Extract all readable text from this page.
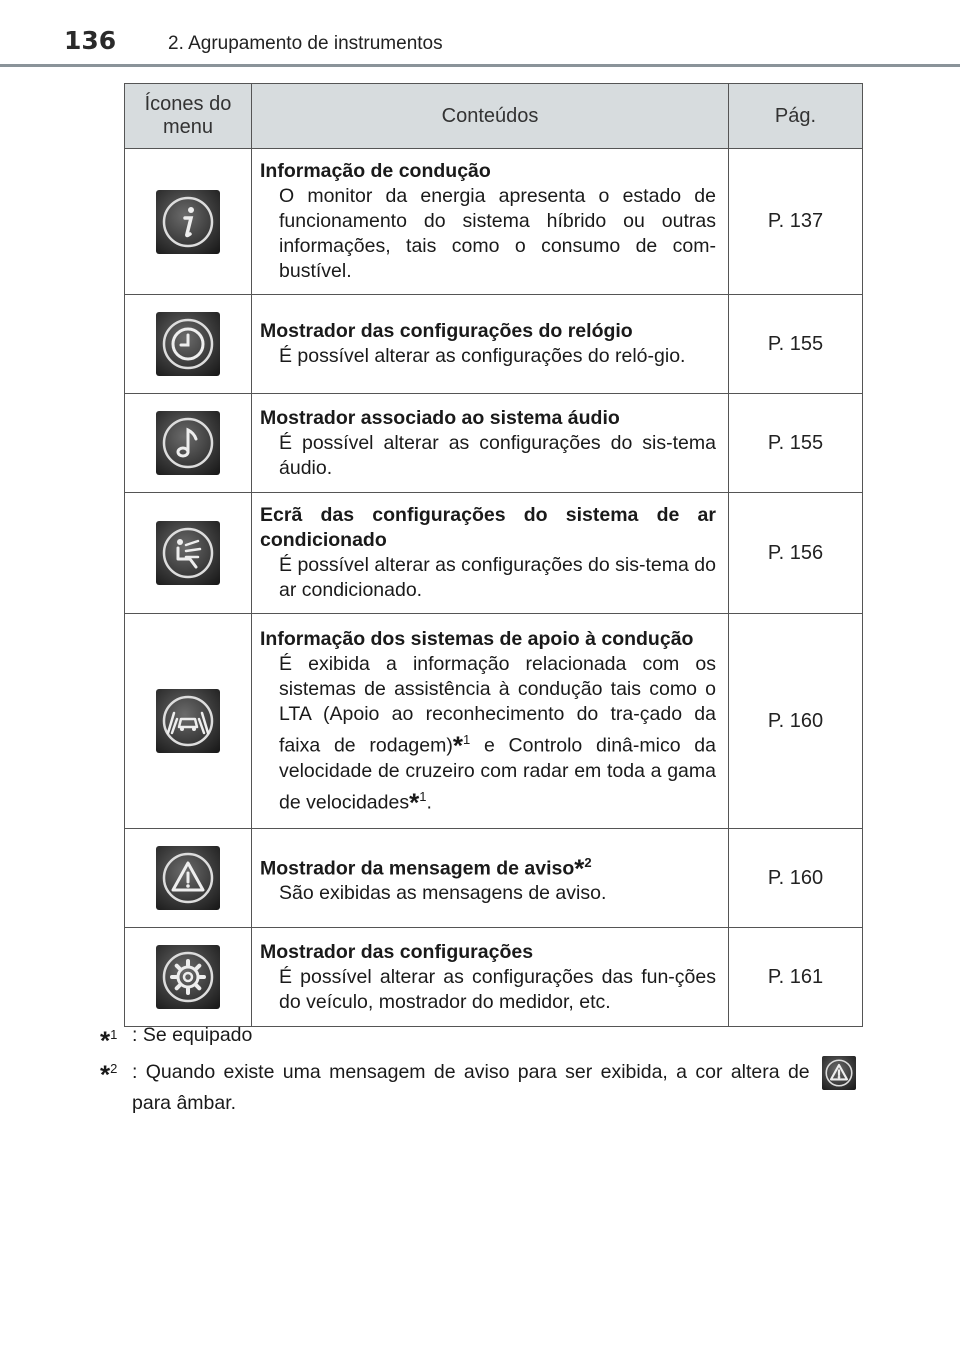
136	2. Agrupamento de instrumentos
Ícones do menu	Conteúdos	Pág.

Informação de condução
O monitor da energia apresenta o estado de funcionamento do sistema híbrido ou outras informações, tais como o consumo de com-bustível.	P. 137

Mostrador das configurações do relógio
É possível alterar as configurações do reló-gio.	P. 155

Mostrador associado ao sistema áudio
É possível alterar as configurações do sis-tema áudio.	P. 155

Ecrã das configurações do sistema de ar condicionado
É possível alterar as configurações do sis-tema do ar condicionado.	P. 156

Informação dos sistemas de apoio à condução
É exibida a informação relacionada com os sistemas de assistência à condução tais como o LTA (Apoio ao reconhecimento do tra-çado da faixa de rodagem)*$^1$ e Controlo dinâ-mico da velocidade de cruzeiro com radar em toda a gama de velocidades*$^1$.	P. 160

Mostrador da mensagem de aviso*$^2$
São exibidas as mensagens de aviso.	P. 160

Mostrador das configurações
É possível alterar as configurações das fun-ções do veículo, mostrador do medidor, etc.	P. 161
*$^1$ : Se equipado
*$^2$ : Quando existe uma mensagem de aviso para ser exibida, a cor altera de
para âmbar.
